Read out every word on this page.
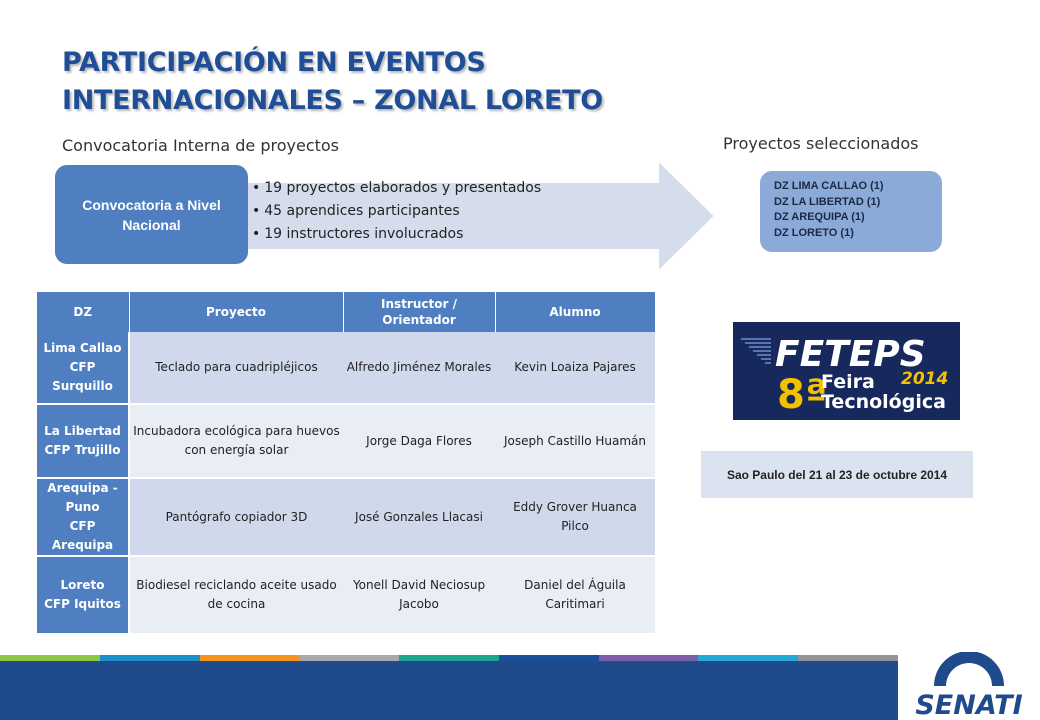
PARTICIPACIÓN EN EVENTOS
INTERNACIONALES – ZONAL LORETO
Convocatoria Interna de proyectos	Proyectos seleccionados
Convocatoria a Nivel Nacional
• 19 proyectos elaborados y presentados
• 45 aprendices participantes
• 19 instructores involucrados
DZ LIMA CALLAO (1)
DZ LA LIBERTAD (1)
DZ AREQUIPA (1)
DZ LORETO (1)
DZ	Proyecto	Instructor / Orientador	Alumno
Lima Callao
CFP
Surquillo	Teclado para cuadripléjicos	Alfredo Jiménez Morales	Kevin Loaiza Pajares
La Libertad
CFP Trujillo	Incubadora ecológica para huevos con energía solar	Jorge Daga Flores	Joseph Castillo Huamán
Arequipa -
Puno
CFP
Arequipa	Pantógrafo copiador 3D	José Gonzales Llacasi	Eddy Grover Huanca Pilco
Loreto
CFP Iquitos	Biodiesel reciclando aceite usado de cocina	Yonell David Neciosup Jacobo	Daniel del Águila Caritimari
FETEPS
8ª
Feira
Tecnológica
2014
Sao Paulo del 21 al 23 de octubre 2014
SENATI
